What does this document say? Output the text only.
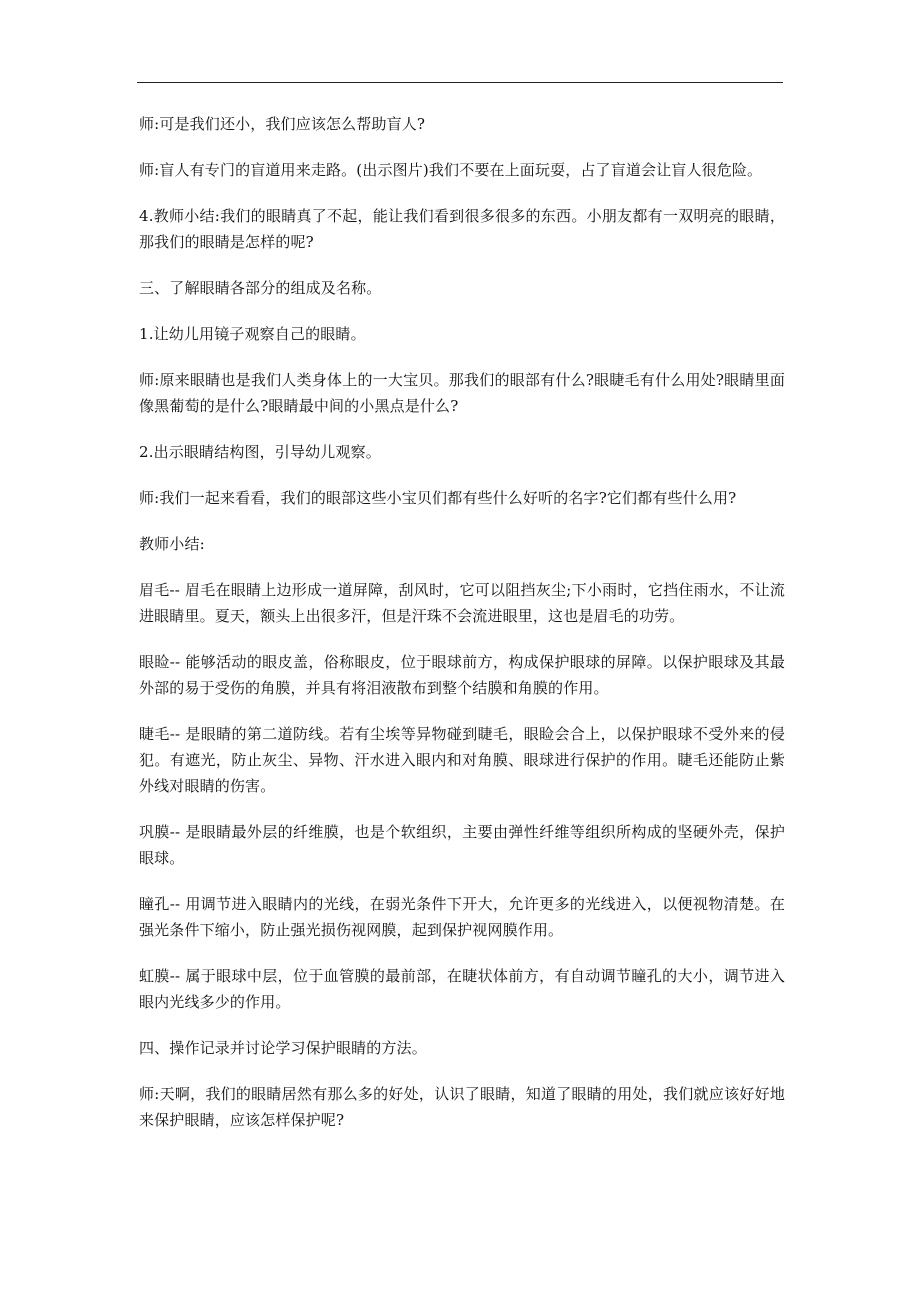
师:可是我们还小，我们应该怎么帮助盲人?

师:盲人有专门的盲道用来走路。(出示图片)我们不要在上面玩耍，占了盲道会让盲人很危险。

4.教师小结:我们的眼睛真了不起，能让我们看到很多很多的东西。小朋友都有一双明亮的眼睛，那我们的眼睛是怎样的呢?

三、了解眼睛各部分的组成及名称。

1.让幼儿用镜子观察自己的眼睛。

师:原来眼睛也是我们人类身体上的一大宝贝。那我们的眼部有什么?眼睫毛有什么用处?眼睛里面像黑葡萄的是什么?眼睛最中间的小黑点是什么?

2.出示眼睛结构图，引导幼儿观察。

师:我们一起来看看，我们的眼部这些小宝贝们都有些什么好听的名字?它们都有些什么用?

教师小结:

眉毛-- 眉毛在眼睛上边形成一道屏障，刮风时，它可以阻挡灰尘;下小雨时，它挡住雨水，不让流进眼睛里。夏天，额头上出很多汗，但是汗珠不会流进眼里，这也是眉毛的功劳。

眼睑-- 能够活动的眼皮盖，俗称眼皮，位于眼球前方，构成保护眼球的屏障。以保护眼球及其最外部的易于受伤的角膜，并具有将泪液散布到整个结膜和角膜的作用。

睫毛-- 是眼睛的第二道防线。若有尘埃等异物碰到睫毛，眼睑会合上，以保护眼球不受外来的侵犯。有遮光，防止灰尘、异物、汗水进入眼内和对角膜、眼球进行保护的作用。睫毛还能防止紫外线对眼睛的伤害。

巩膜-- 是眼睛最外层的纤维膜，也是个软组织，主要由弹性纤维等组织所构成的坚硬外壳，保护眼球。

瞳孔-- 用调节进入眼睛内的光线，在弱光条件下开大，允许更多的光线进入，以便视物清楚。在强光条件下缩小，防止强光损伤视网膜，起到保护视网膜作用。

虹膜-- 属于眼球中层，位于血管膜的最前部，在睫状体前方，有自动调节瞳孔的大小，调节进入眼内光线多少的作用。

四、操作记录并讨论学习保护眼睛的方法。

师:天啊，我们的眼睛居然有那么多的好处，认识了眼睛，知道了眼睛的用处，我们就应该好好地来保护眼睛，应该怎样保护呢?
